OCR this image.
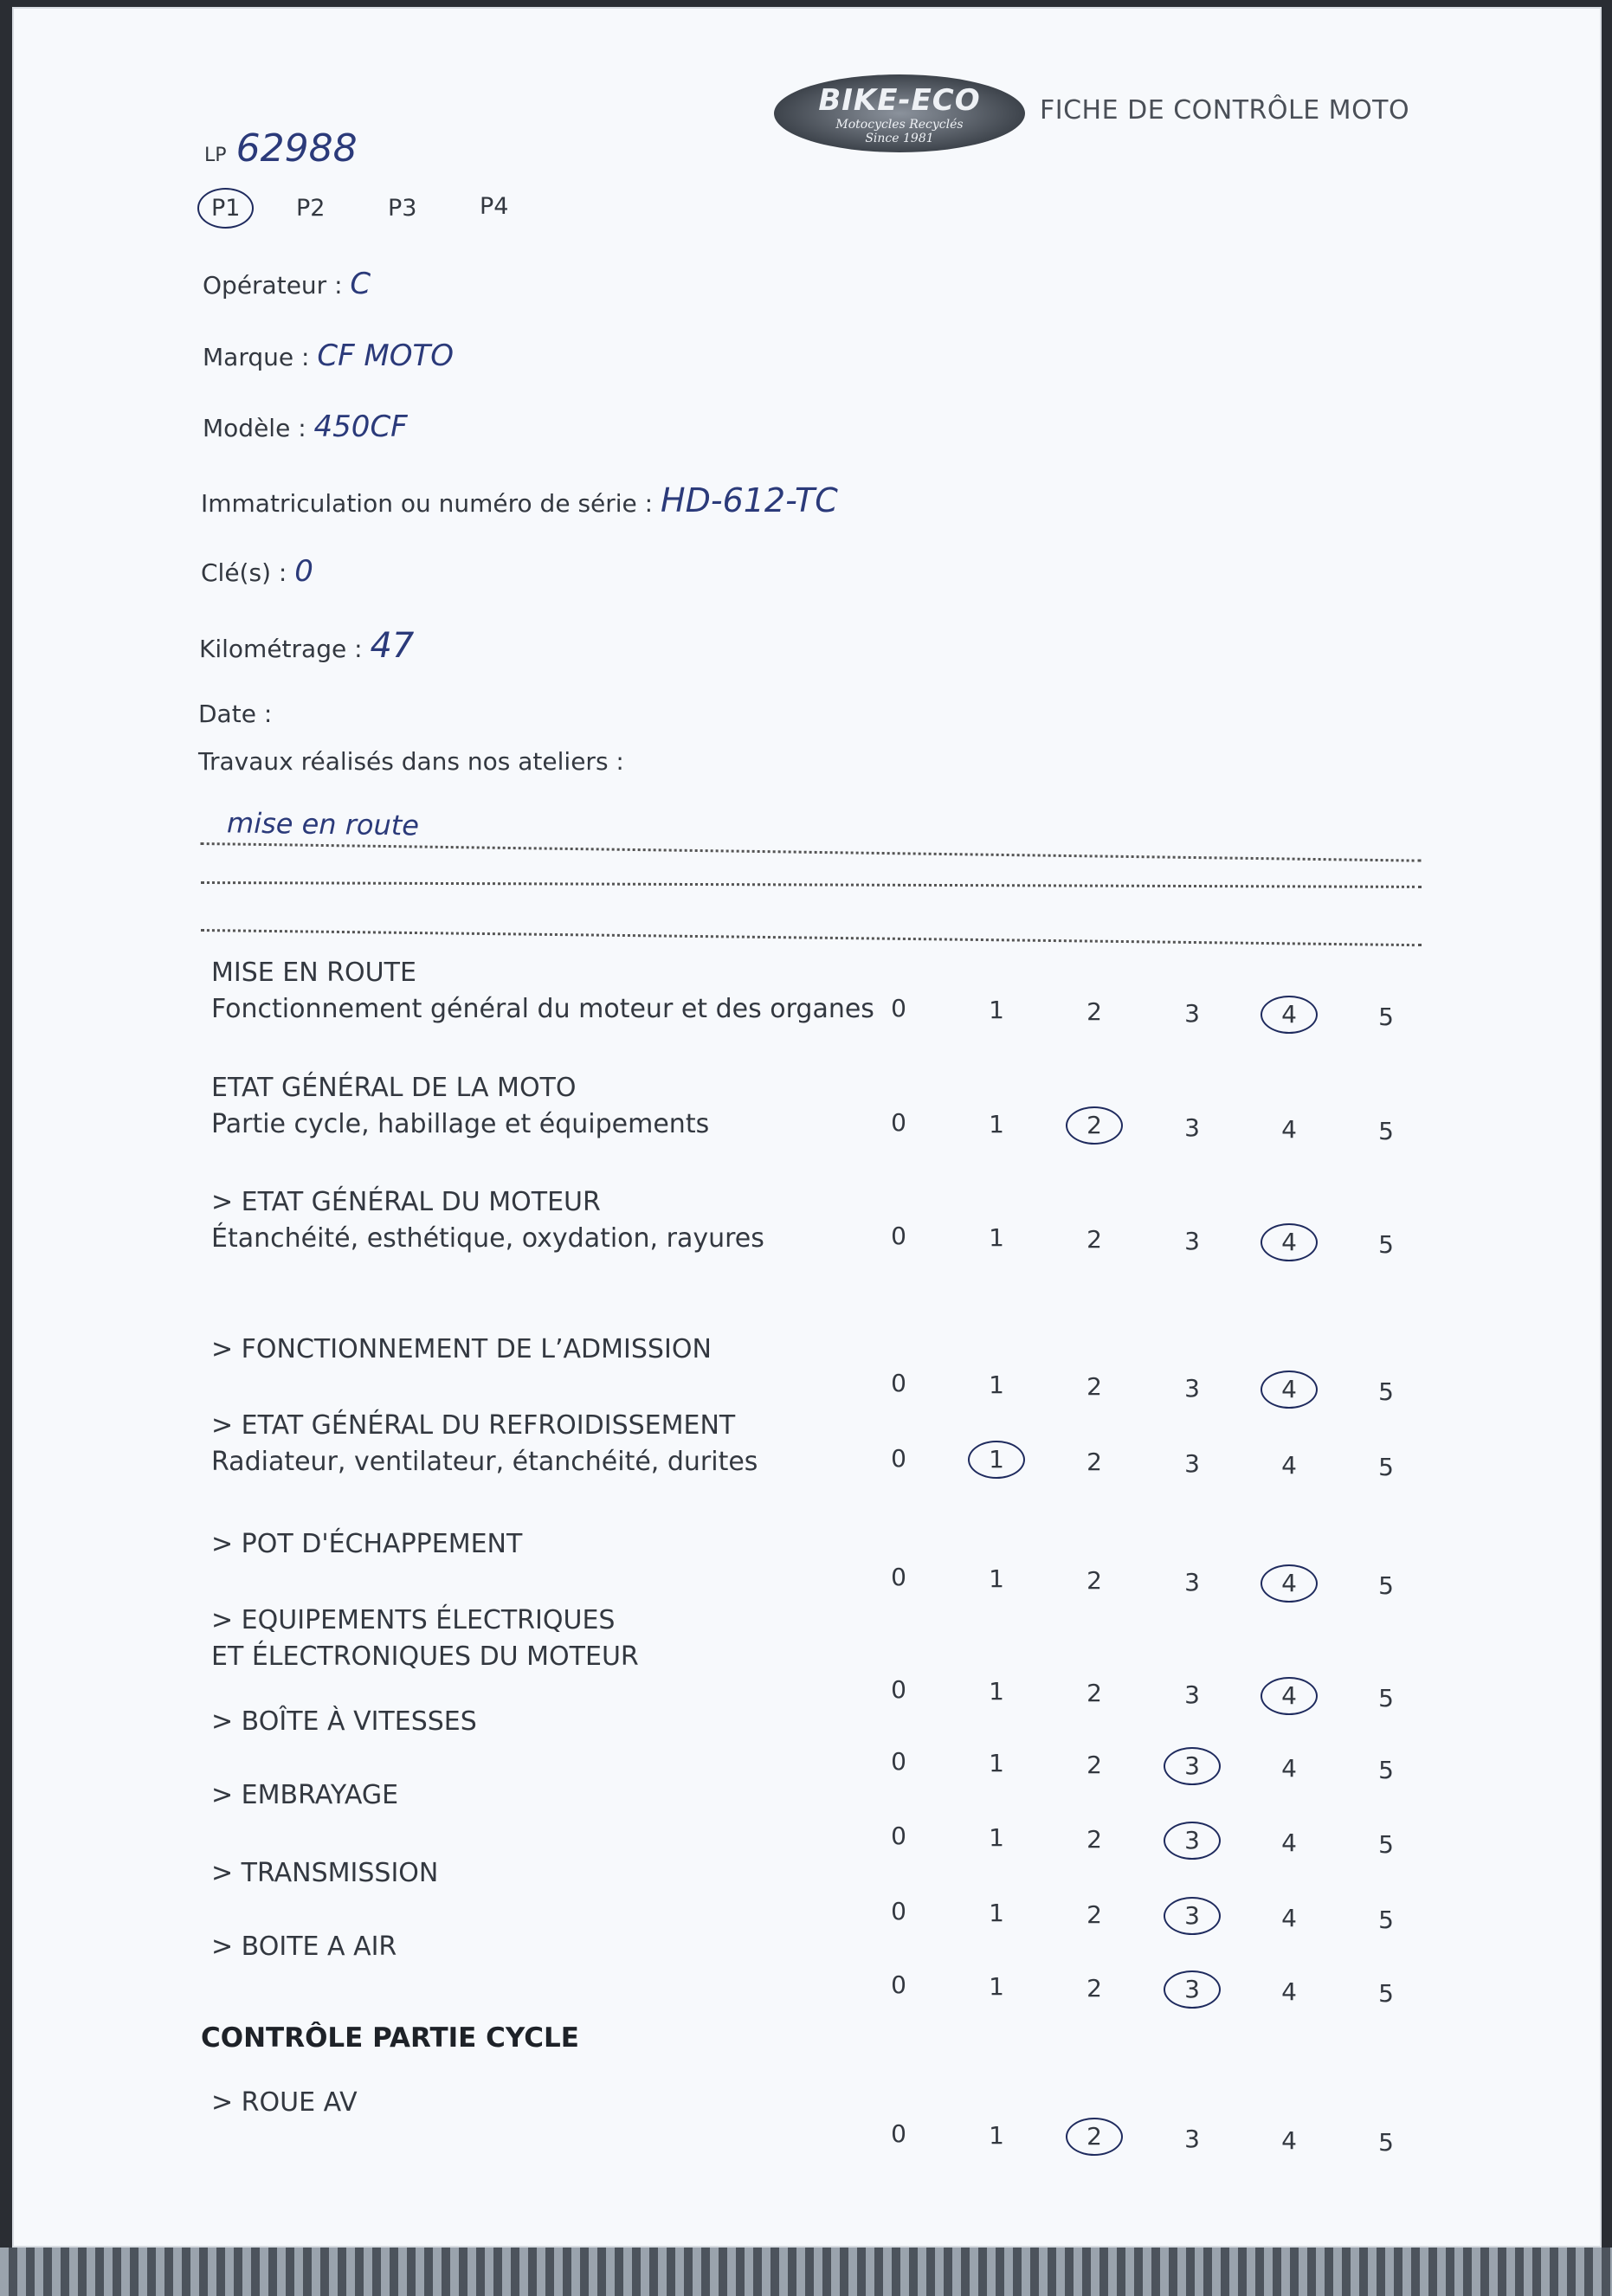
BIKE-ECO
Motocycles Recyclés
Since 1981
FICHE DE CONTRÔLE MOTO
LP 62988
P1	P2	P3	P4
Opérateur : C
Marque : CF MOTO
Modèle : 450CF
Immatriculation ou numéro de série : HD-612-TC
Clé(s) : 0
Kilométrage : 47
Date :
Travaux réalisés dans nos ateliers :
mise en route
MISE EN ROUTE
Fonctionnement général du moteur et des organes 0	1	2	3	4	5
ETAT GÉNÉRAL DE LA MOTO
Partie cycle, habillage et équipements	0	1	2	3	4	5
> ETAT GÉNÉRAL DU MOTEUR
Étanchéité, esthétique, oxydation, rayures	0	1	2	3	4	5
> FONCTIONNEMENT DE L’ADMISSION
0	1	2	3	4	5
> ETAT GÉNÉRAL DU REFROIDISSEMENT
Radiateur, ventilateur, étanchéité, durites	0	1	2	3	4	5
> POT D'ÉCHAPPEMENT
0	1	2	3	4	5
> EQUIPEMENTS ÉLECTRIQUES
ET ÉLECTRONIQUES DU MOTEUR
0	1	2	3	4	5
> BOÎTE À VITESSES
0	1	2	3	4	5
> EMBRAYAGE
0	1	2	3	4	5
> TRANSMISSION
0	1	2	3	4	5
> BOITE A AIR
0	1	2	3	4	5
> ROUE AV
0	1	2	3	4	5
CONTRÔLE PARTIE CYCLE
